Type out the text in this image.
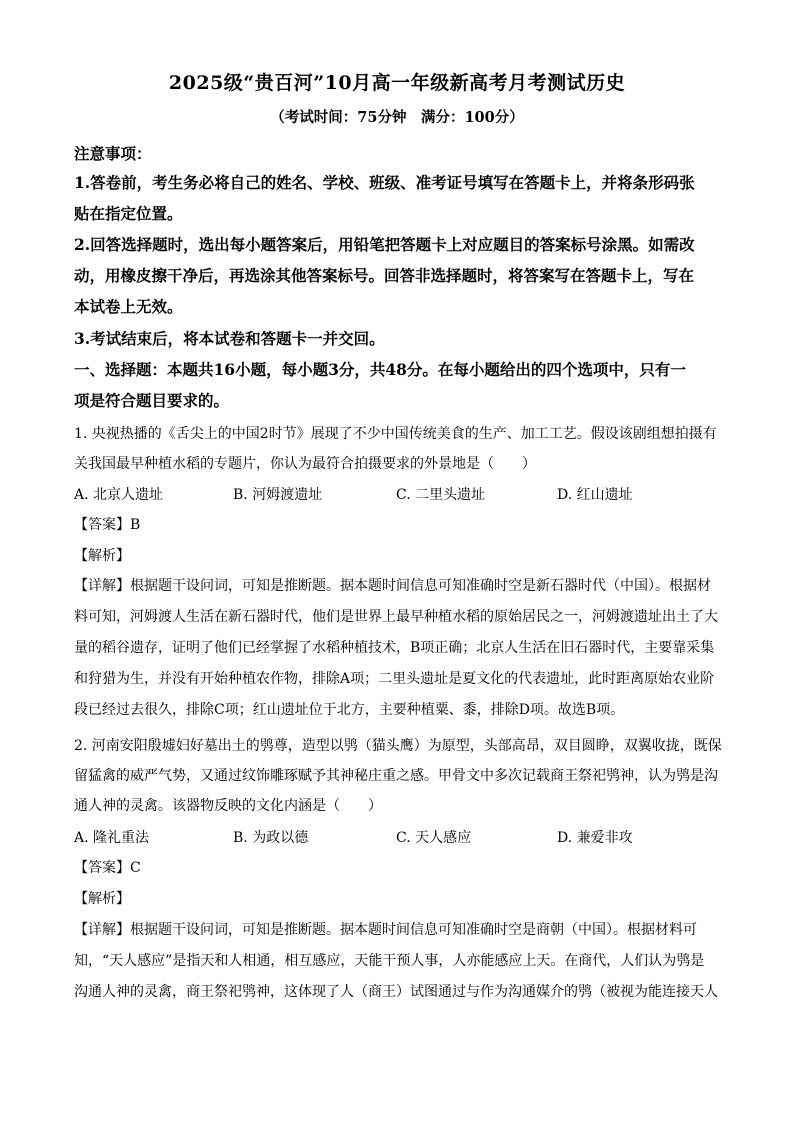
2025级“贵百河”10月高一年级新高考月考测试历史
（考试时间：75分钟　满分：100分）
注意事项：
1.答卷前，考生务必将自己的姓名、学校、班级、准考证号填写在答题卡上，并将条形码张
贴在指定位置。
2.回答选择题时，选出每小题答案后，用铅笔把答题卡上对应题目的答案标号涂黑。如需改
动，用橡皮擦干净后，再选涂其他答案标号。回答非选择题时，将答案写在答题卡上，写在
本试卷上无效。
3.考试结束后，将本试卷和答题卡一并交回。
一、选择题：本题共16小题，每小题3分，共48分。在每小题给出的四个选项中，只有一
项是符合题目要求的。
1. 央视热播的《舌尖上的中国2时节》展现了不少中国传统美食的生产、加工工艺。假设该剧组想拍摄有
关我国最早种植水稻的专题片，你认为最符合拍摄要求的外景地是（　　）
A. 北京人遗址	B. 河姆渡遗址	C. 二里头遗址	D. 红山遗址
【答案】B
【解析】
【详解】根据题干设问词，可知是推断题。据本题时间信息可知准确时空是新石器时代（中国）。根据材
料可知，河姆渡人生活在新石器时代，他们是世界上最早种植水稻的原始居民之一，河姆渡遗址出土了大
量的稻谷遗存，证明了他们已经掌握了水稻种植技术，B项正确；北京人生活在旧石器时代，主要靠采集
和狩猎为生，并没有开始种植农作物，排除A项；二里头遗址是夏文化的代表遗址，此时距离原始农业阶
段已经过去很久，排除C项；红山遗址位于北方，主要种植粟、黍，排除D项。故选B项。
2. 河南安阳殷墟妇好墓出土的鸮尊，造型以鸮（猫头鹰）为原型，头部高昂，双目圆睁，双翼收拢，既保
留猛禽的威严气势，又通过纹饰雕琢赋予其神秘庄重之感。甲骨文中多次记载商王祭祀鸮神，认为鸮是沟
通人神的灵禽。该器物反映的文化内涵是（　　）
A. 隆礼重法	B. 为政以德	C. 天人感应	D. 兼爱非攻
【答案】C
【解析】
【详解】根据题干设问词，可知是推断题。据本题时间信息可知准确时空是商朝（中国）。根据材料可
知，“天人感应”是指天和人相通，相互感应，天能干预人事，人亦能感应上天。在商代，人们认为鸮是
沟通人神的灵禽，商王祭祀鸮神，这体现了人（商王）试图通过与作为沟通媒介的鸮（被视为能连接天人
